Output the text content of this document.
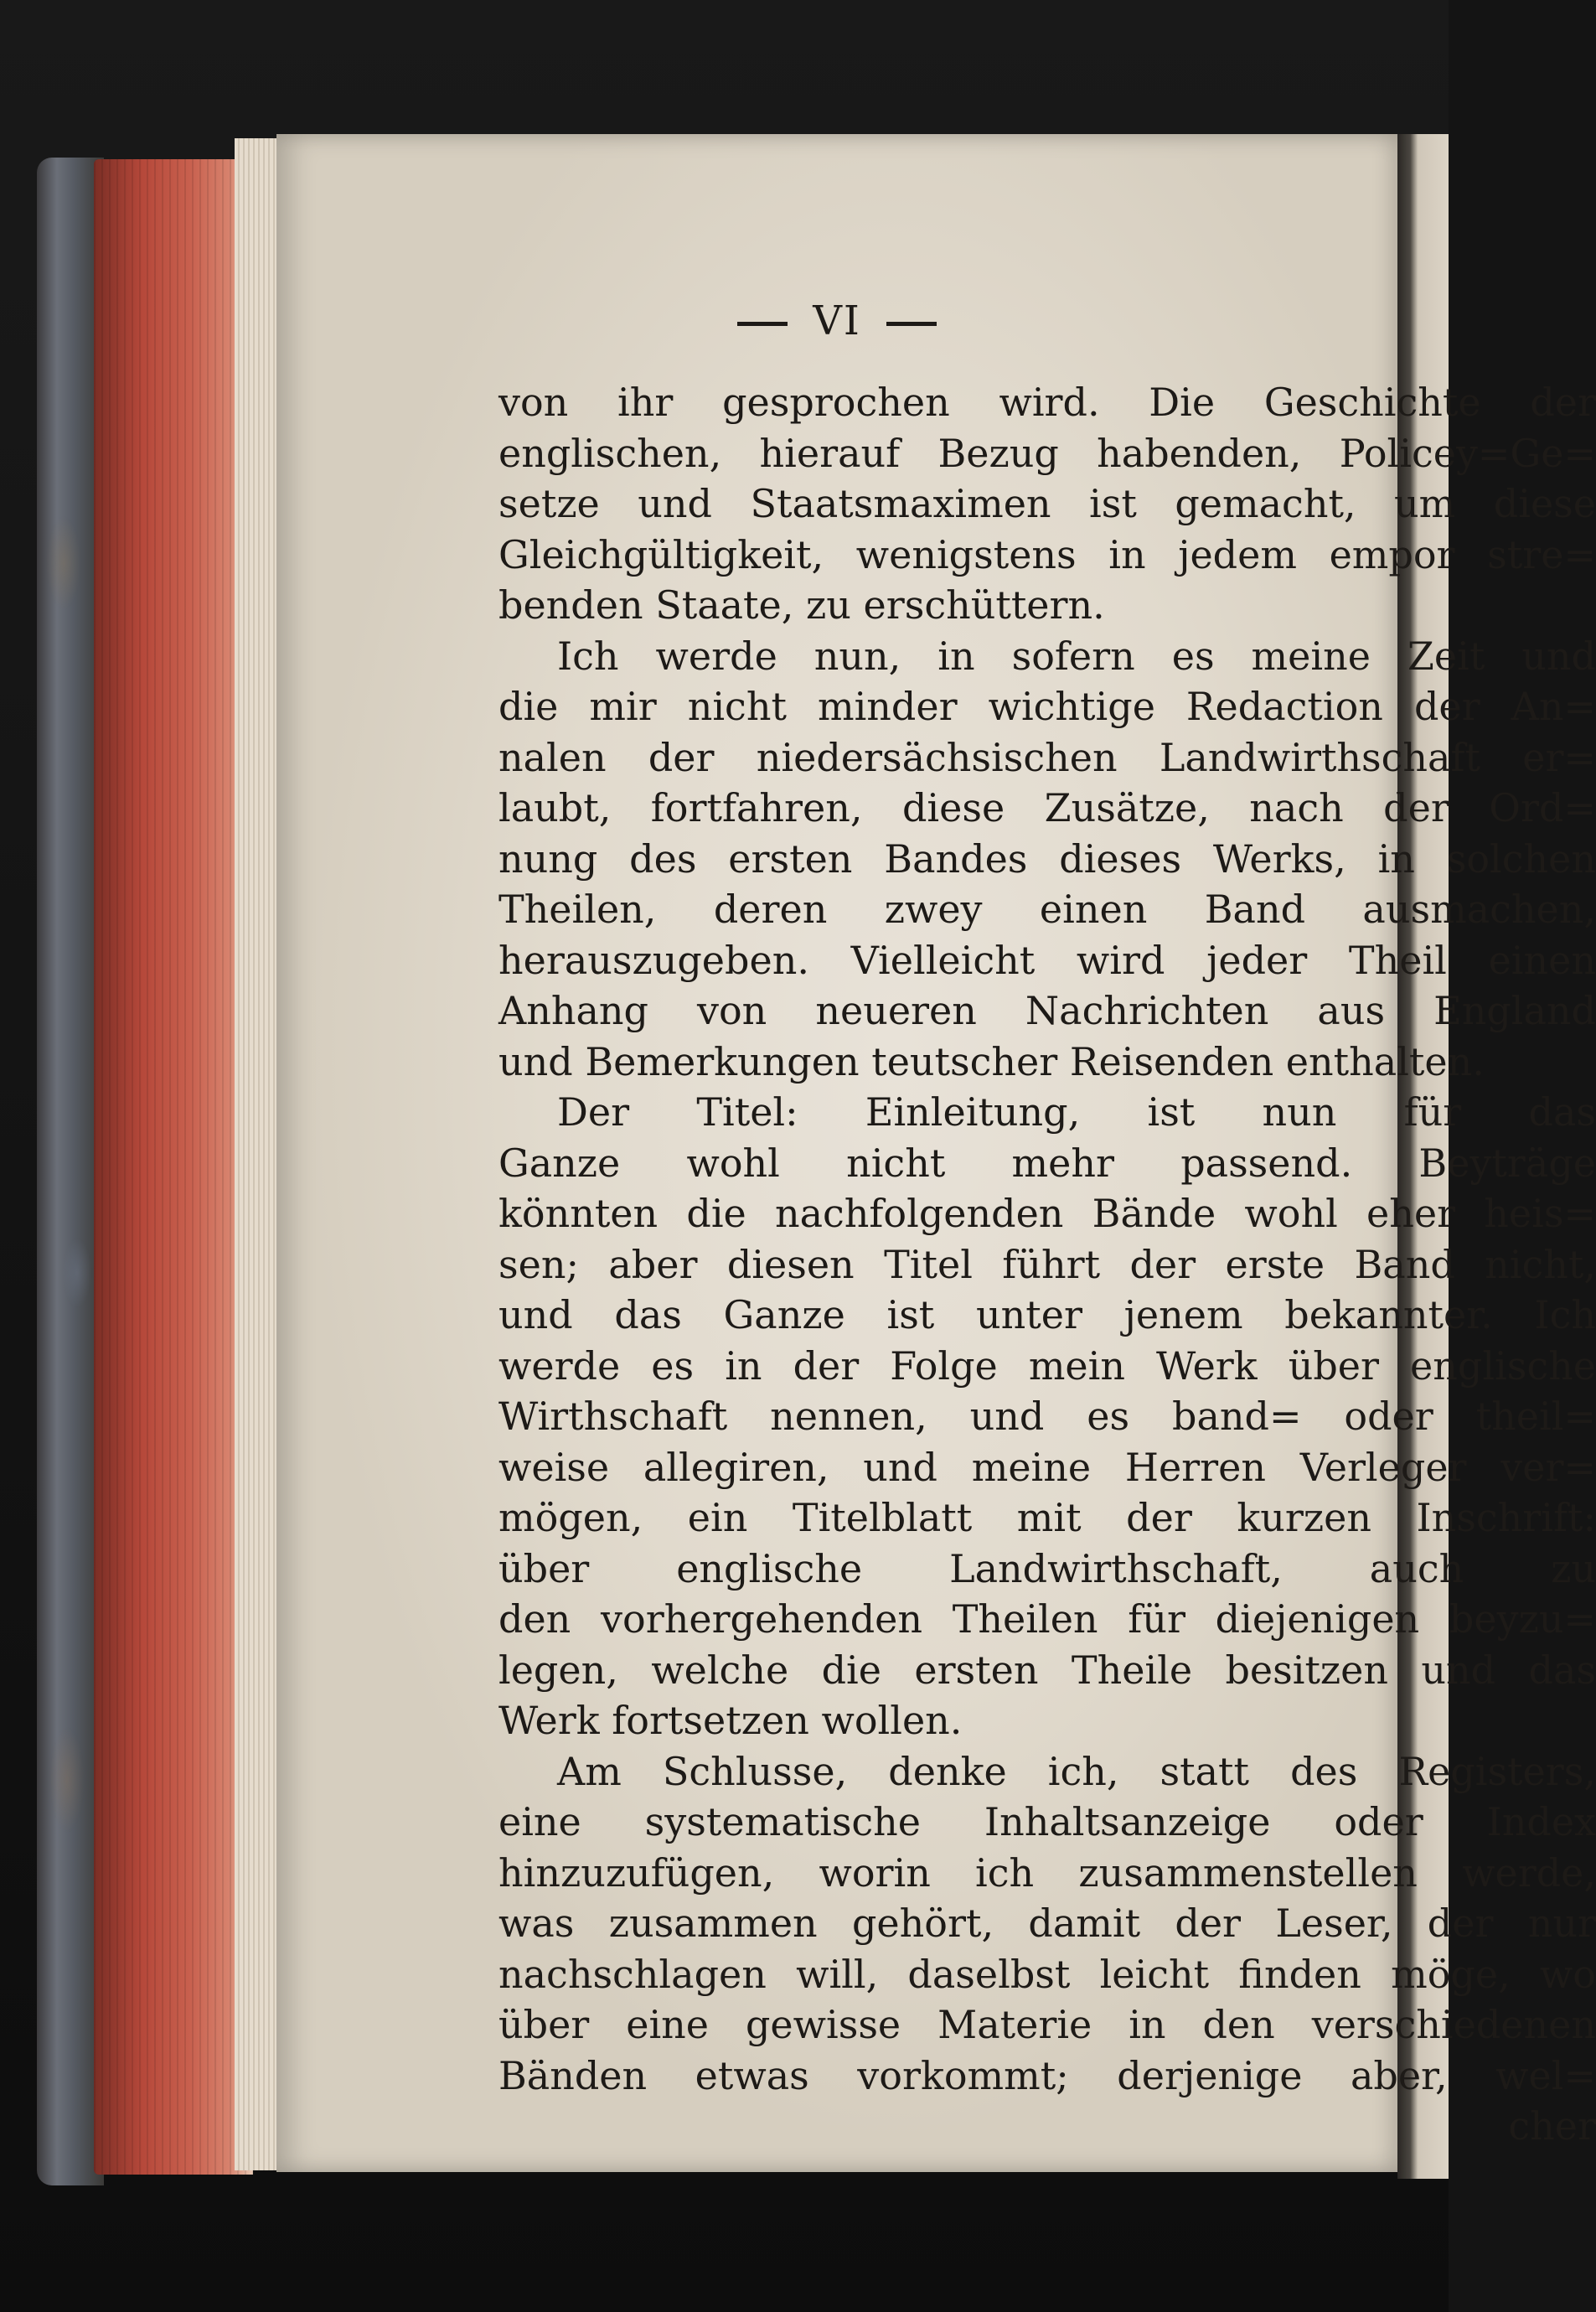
VI
von ihr gesprochen wird. Die Geschichte der
englischen, hierauf Bezug habenden, Policey=Ge=
setze und Staatsmaximen ist gemacht, um diese
Gleichgültigkeit, wenigstens in jedem empor stre=
benden Staate, zu erschüttern.
Ich werde nun, in sofern es meine Zeit und
die mir nicht minder wichtige Redaction der An=
nalen der niedersächsischen Landwirthschaft er=
laubt, fortfahren, diese Zusätze, nach der Ord=
nung des ersten Bandes dieses Werks, in solchen
Theilen, deren zwey einen Band ausmachen,
herauszugeben. Vielleicht wird jeder Theil einen
Anhang von neueren Nachrichten aus England
und Bemerkungen teutscher Reisenden enthalten.
Der Titel: Einleitung, ist nun für das
Ganze wohl nicht mehr passend. Beyträge
könnten die nachfolgenden Bände wohl eher heis=
sen; aber diesen Titel führt der erste Band nicht,
und das Ganze ist unter jenem bekannter. Ich
werde es in der Folge mein Werk über englische
Wirthschaft nennen, und es band= oder theil=
weise allegiren, und meine Herren Verleger ver=
mögen, ein Titelblatt mit der kurzen Inschrift:
über englische Landwirthschaft, auch zu
den vorhergehenden Theilen für diejenigen beyzu=
legen, welche die ersten Theile besitzen und das
Werk fortsetzen wollen.
Am Schlusse, denke ich, statt des Registers,
eine systematische Inhaltsanzeige oder Index
hinzuzufügen, worin ich zusammenstellen werde,
was zusammen gehört, damit der Leser, der nur
nachschlagen will, daselbst leicht finden möge, wo
über eine gewisse Materie in den verschiedenen
Bänden etwas vorkommt; derjenige aber, wel=
cher
